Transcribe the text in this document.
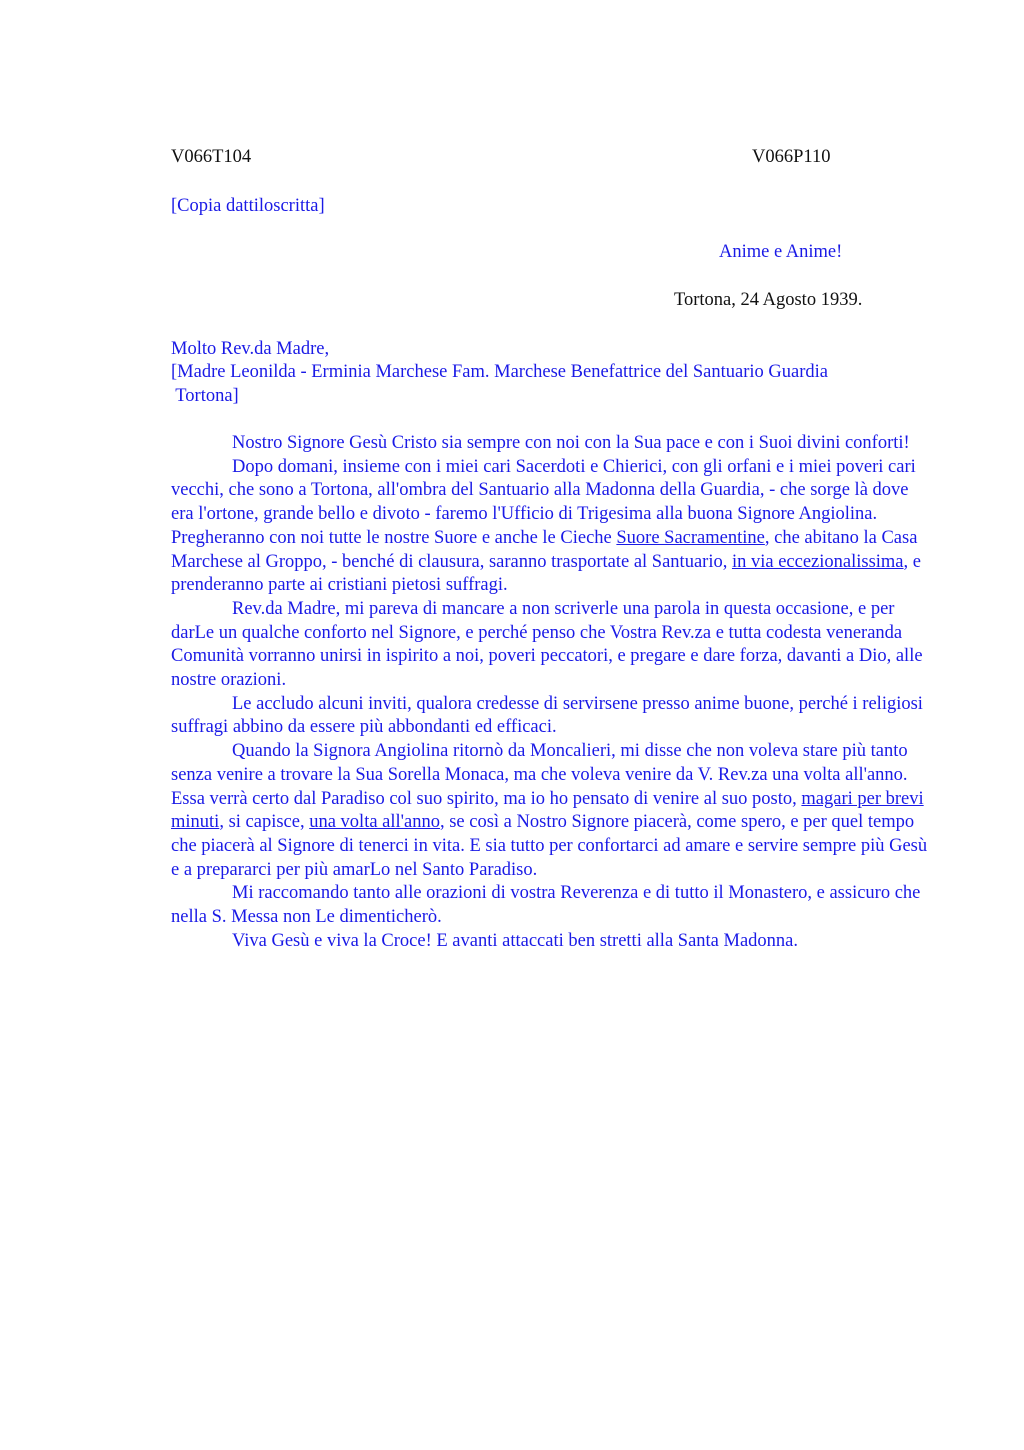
V066T104	V066P110
[Copia dattiloscritta]
Anime e Anime!
Tortona, 24 Agosto 1939.
Molto Rev.da Madre,
[Madre Leonilda - Erminia Marchese Fam. Marchese Benefattrice del Santuario Guardia
Tortona]

Nostro Signore Gesù Cristo sia sempre con noi con la Sua pace e con i Suoi divini conforti!

Dopo domani, insieme con i miei cari Sacerdoti e Chierici, con gli orfani e i miei poveri cari vecchi, che sono a Tortona, all'ombra del Santuario alla Madonna della Guardia, - che sorge là dove era l'ortone, grande bello e divoto - faremo l'Ufficio di Trigesima alla buona Signore Angiolina.

Pregheranno con noi tutte le nostre Suore e anche le Cieche Suore Sacramentine, che abitano la Casa Marchese al Groppo, - benché di clausura, saranno trasportate al Santuario, in via eccezionalissima, e prenderanno parte ai cristiani pietosi suffragi.

Rev.da Madre, mi pareva di mancare a non scriverle una parola in questa occasione, e per darLe un qualche conforto nel Signore, e perché penso che Vostra Rev.za e tutta codesta veneranda Comunità vorranno unirsi in ispirito a noi, poveri peccatori, e pregare e dare forza, davanti a Dio, alle nostre orazioni.

Le accludo alcuni inviti, qualora credesse di servirsene presso anime buone, perché i religiosi suffragi abbino da essere più abbondanti ed efficaci.

Quando la Signora Angiolina ritornò da Moncalieri, mi disse che non voleva stare più tanto senza venire a trovare la Sua Sorella Monaca, ma che voleva venire da V. Rev.za una volta all'anno. Essa verrà certo dal Paradiso col suo spirito, ma io ho pensato di venire al suo posto, magari per brevi minuti, si capisce, una volta all'anno, se così a Nostro Signore piacerà, come spero, e per quel tempo che piacerà al Signore di tenerci in vita. E sia tutto per confortarci ad amare e servire sempre più Gesù e a prepararci per più amarLo nel Santo Paradiso.

Mi raccomando tanto alle orazioni di vostra Reverenza e di tutto il Monastero, e assicuro che nella S. Messa non Le dimenticherò.

Viva Gesù e viva la Croce! E avanti attaccati ben stretti alla Santa Madonna.
